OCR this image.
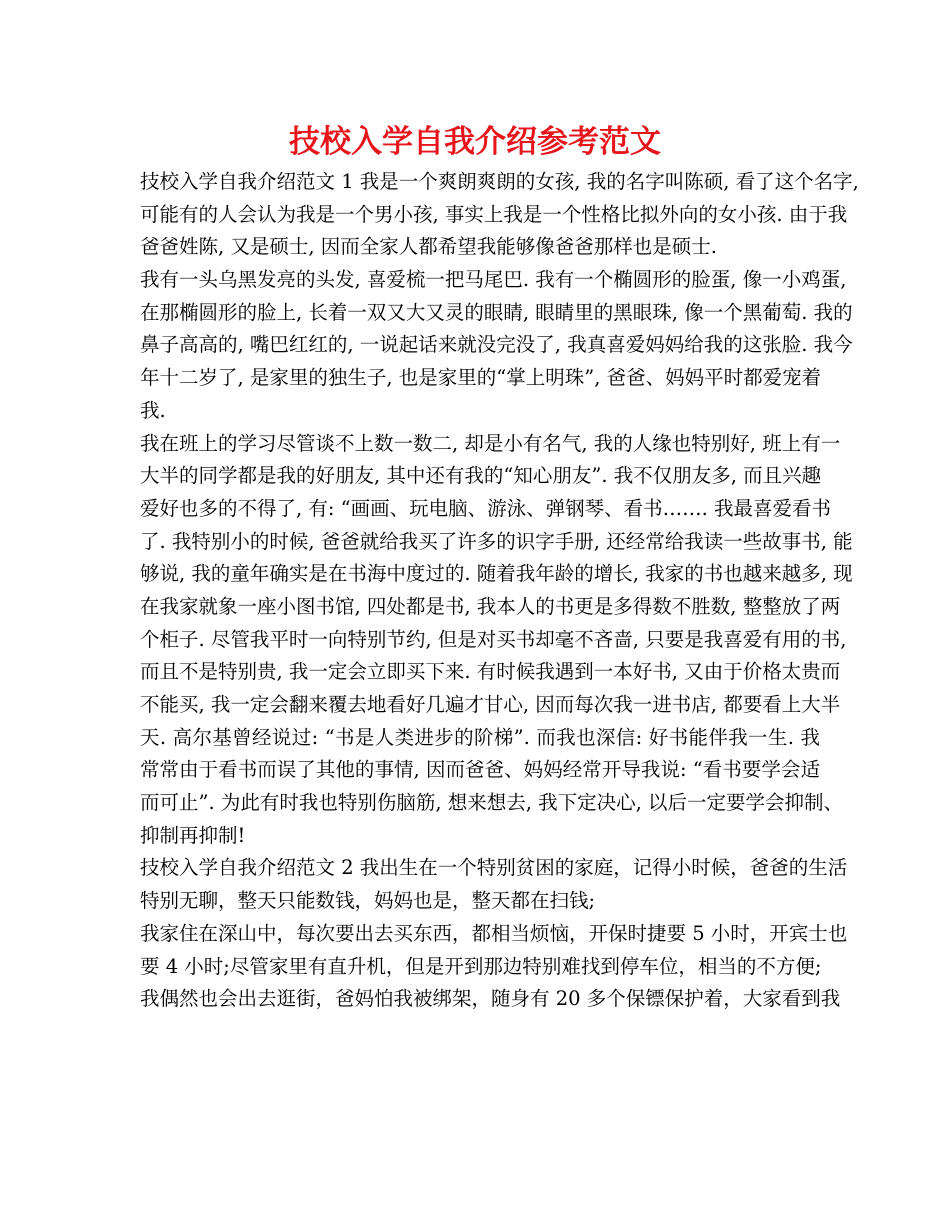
技校入学自我介绍参考范文
技校入学自我介绍范文 1 我是一个爽朗爽朗的女孩, 我的名字叫陈硕, 看了这个名字,
可能有的人会认为我是一个男小孩, 事实上我是一个性格比拟外向的女小孩. 由于我
爸爸姓陈, 又是硕士, 因而全家人都希望我能够像爸爸那样也是硕士.
我有一头乌黑发亮的头发, 喜爱梳一把马尾巴. 我有一个椭圆形的脸蛋, 像一小鸡蛋,
在那椭圆形的脸上, 长着一双又大又灵的眼睛, 眼睛里的黑眼珠, 像一个黑葡萄. 我的
鼻子高高的, 嘴巴红红的, 一说起话来就没完没了, 我真喜爱妈妈给我的这张脸. 我今
年十二岁了, 是家里的独生子, 也是家里的“掌上明珠”, 爸爸、妈妈平时都爱宠着
我.
我在班上的学习尽管谈不上数一数二, 却是小有名气, 我的人缘也特别好, 班上有一
大半的同学都是我的好朋友, 其中还有我的“知心朋友”. 我不仅朋友多, 而且兴趣
爱好也多的不得了, 有: “画画、玩电脑、游泳、弹钢琴、看书……. 我最喜爱看书
了. 我特别小的时候, 爸爸就给我买了许多的识字手册, 还经常给我读一些故事书, 能
够说, 我的童年确实是在书海中度过的. 随着我年龄的增长, 我家的书也越来越多, 现
在我家就象一座小图书馆, 四处都是书, 我本人的书更是多得数不胜数, 整整放了两
个柜子. 尽管我平时一向特别节约, 但是对买书却毫不吝啬, 只要是我喜爱有用的书,
而且不是特别贵, 我一定会立即买下来. 有时候我遇到一本好书, 又由于价格太贵而
不能买, 我一定会翻来覆去地看好几遍才甘心, 因而每次我一进书店, 都要看上大半
天. 高尔基曾经说过: “书是人类进步的阶梯”. 而我也深信: 好书能伴我一生. 我
常常由于看书而误了其他的事情, 因而爸爸、妈妈经常开导我说: “看书要学会适
而可止”. 为此有时我也特别伤脑筋, 想来想去, 我下定决心, 以后一定要学会抑制、
抑制再抑制!
技校入学自我介绍范文 2 我出生在一个特别贫困的家庭，记得小时候，爸爸的生活
特别无聊，整天只能数钱，妈妈也是，整天都在扫钱;
我家住在深山中，每次要出去买东西，都相当烦恼，开保时捷要 5 小时，开宾士也
要 4 小时;尽管家里有直升机，但是开到那边特别难找到停车位，相当的不方便;
我偶然也会出去逛街，爸妈怕我被绑架，随身有 20 多个保镖保护着，大家看到我
